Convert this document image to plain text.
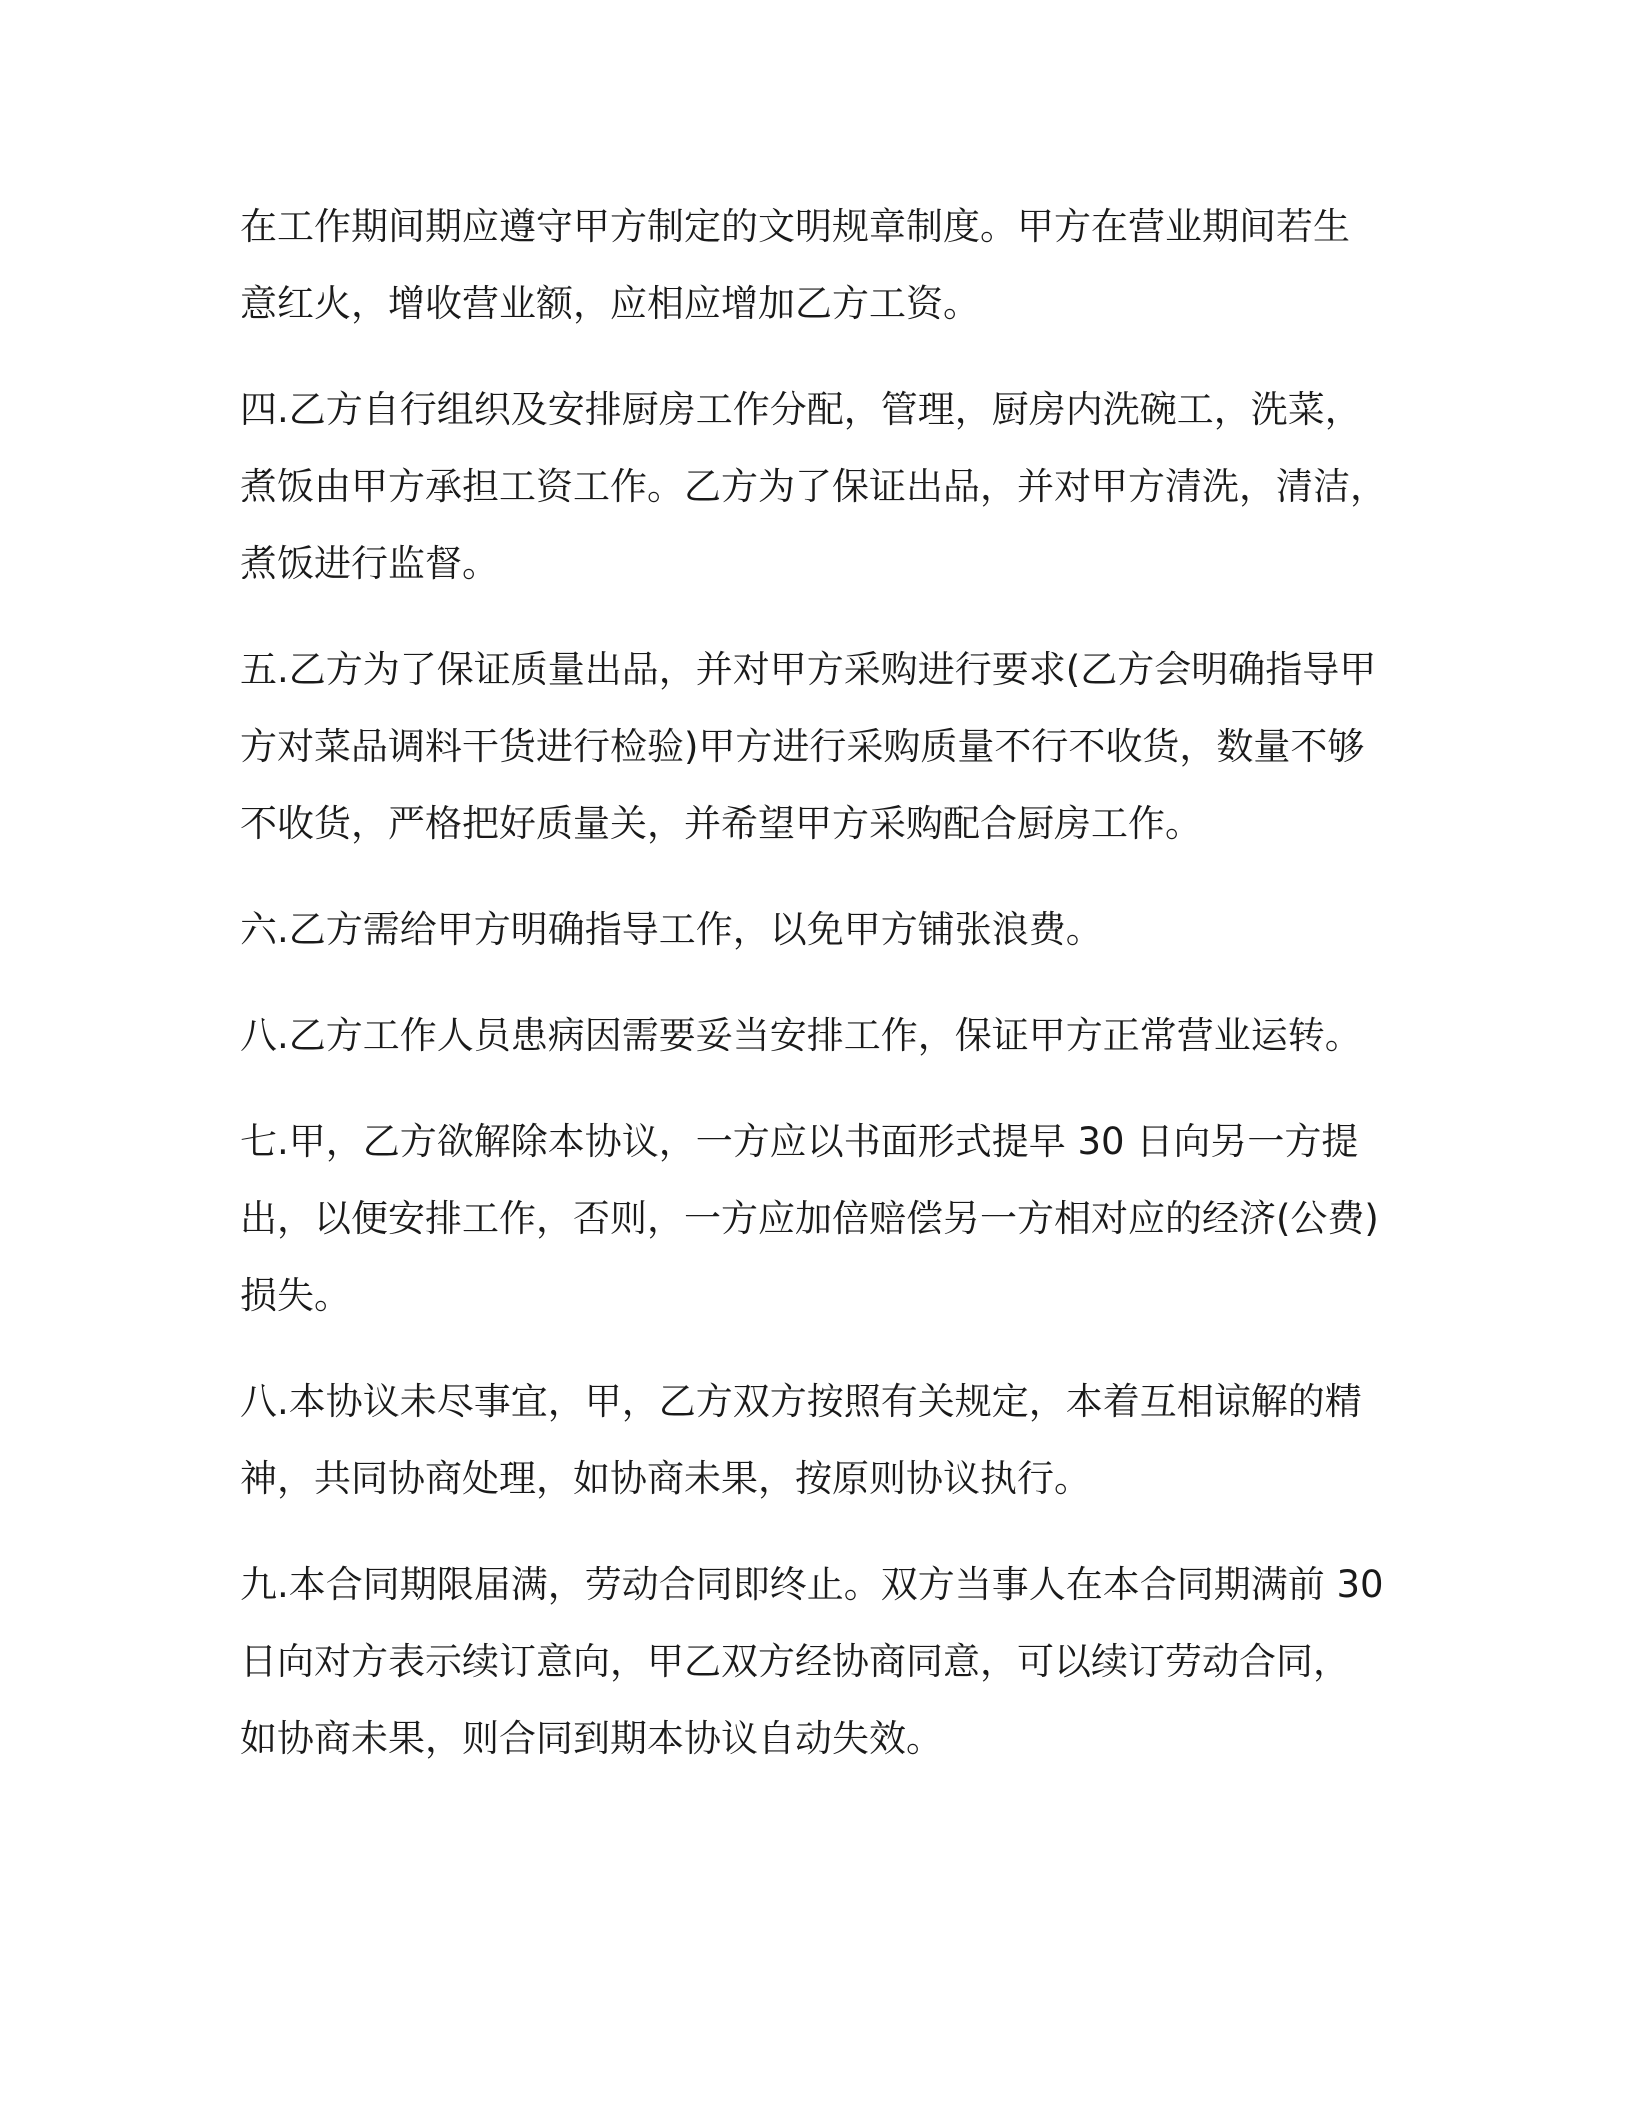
在工作期间期应遵守甲方制定的文明规章制度。甲方在营业期间若生
意红火，增收营业额，应相应增加乙方工资。

四.乙方自行组织及安排厨房工作分配，管理，厨房内洗碗工，洗菜，
煮饭由甲方承担工资工作。乙方为了保证出品，并对甲方清洗，清洁，
煮饭进行监督。

五.乙方为了保证质量出品，并对甲方采购进行要求(乙方会明确指导甲
方对菜品调料干货进行检验)甲方进行采购质量不行不收货，数量不够
不收货，严格把好质量关，并希望甲方采购配合厨房工作。

六.乙方需给甲方明确指导工作，以免甲方铺张浪费。

八.乙方工作人员患病因需要妥当安排工作，保证甲方正常营业运转。

七.甲，乙方欲解除本协议，一方应以书面形式提早 30 日向另一方提
出，以便安排工作，否则，一方应加倍赔偿另一方相对应的经济(公费)
损失。

八.本协议未尽事宜，甲，乙方双方按照有关规定，本着互相谅解的精
神，共同协商处理，如协商未果，按原则协议执行。

九.本合同期限届满，劳动合同即终止。双方当事人在本合同期满前 30
日向对方表示续订意向，甲乙双方经协商同意，可以续订劳动合同，
如协商未果，则合同到期本协议自动失效。
